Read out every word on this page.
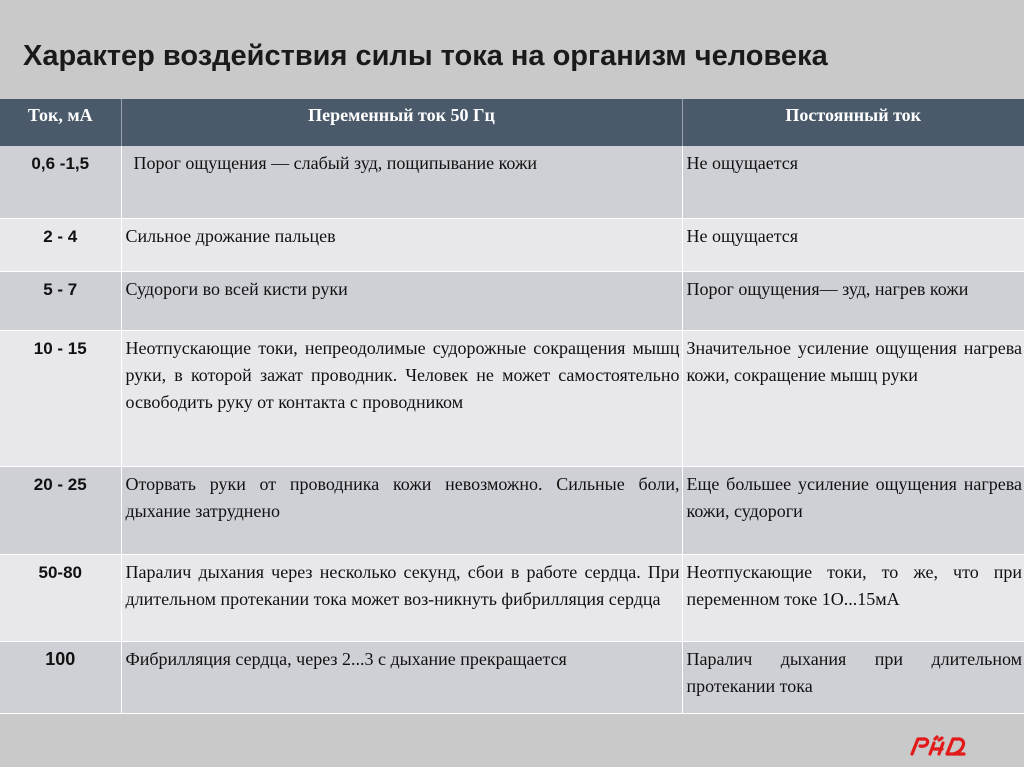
Характер воздействия силы тока на организм человека
Ток, мА	Переменный ток 50 Гц	Постоянный ток
0,6 -1,5	Порог ощущения — слабый зуд, пощипывание кожи	Не ощущается
2 - 4	Сильное дрожание пальцев	Не ощущается
5 - 7	Судороги во всей кисти руки	Порог ощущения— зуд, нагрев кожи
10 - 15	Неотпускающие токи, непреодолимые судорожные сокращения мышц руки, в которой зажат проводник. Человек не может самостоятельно освободить руку от контакта с проводником	Значительное усиление ощущения нагрева кожи, сокращение мышц руки
20 - 25	Оторвать руки от проводника кожи невозможно. Сильные боли, дыхание затруднено	Еще большее усиление ощущения нагрева кожи, судороги
50-80	Паралич дыхания через несколько секунд, сбои в работе сердца. При длительном протекании тока может воз-никнуть фибрилляция сердца	Неотпускающие токи, то же, что при переменном токе 1О...15мА
100	Фибрилляция сердца, через 2...3 с дыхание прекращается	Паралич дыхания при длительном протекании тока
